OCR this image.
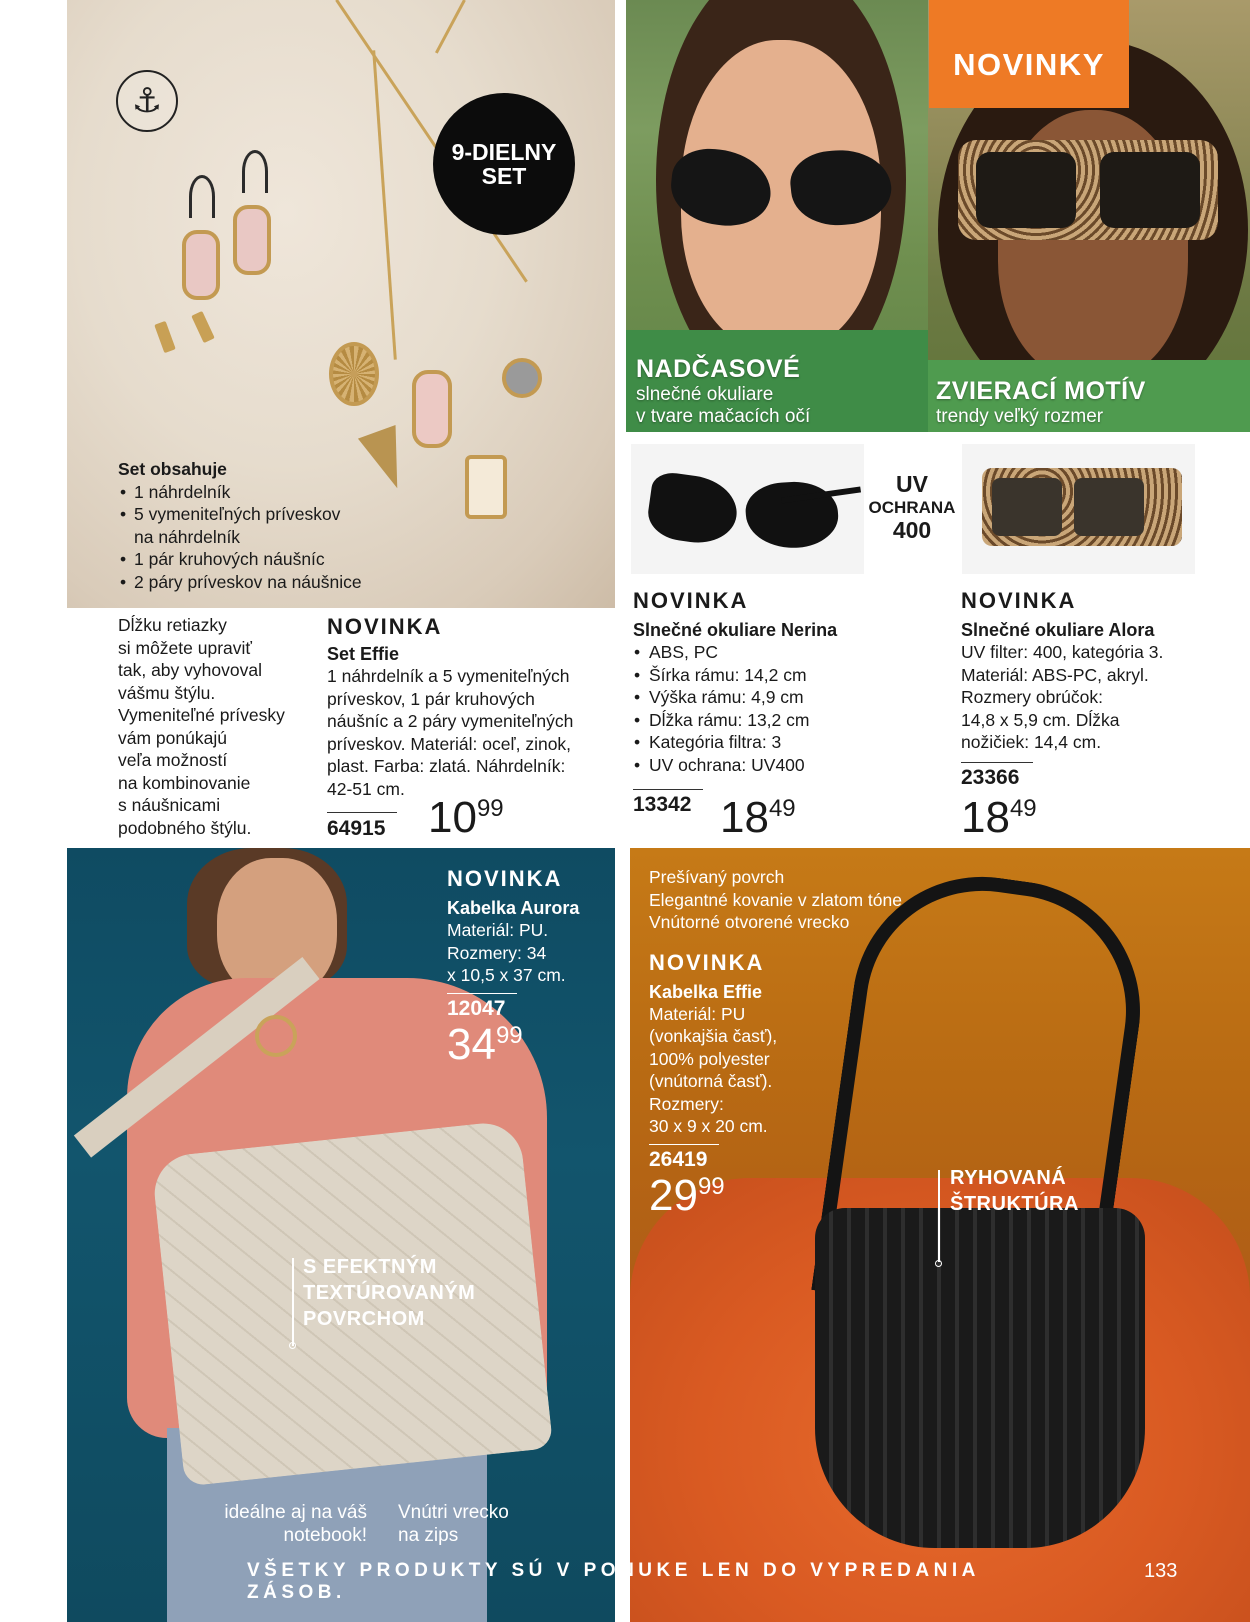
⚓
9-DIELNY
SET
Set obsahuje
• 1 náhrdelník
• 5 vymeniteľných príveskov
na náhrdelník
• 1 pár kruhových náušníc
• 2 páry príveskov na náušnice
Dĺžku retiazky
si môžete upraviť
tak, aby vyhovoval
vášmu štýlu.
Vymeniteľné prívesky
vám ponúkajú
veľa možností
na kombinovanie
s náušnicami
podobného štýlu.
NOVINKA
Set Effie
1 náhrdelník a 5 vymeniteľných
príveskov, 1 pár kruhových
náušníc a 2 páry vymeniteľných
príveskov. Materiál: oceľ, zinok,
plast. Farba: zlatá. Náhrdelník:
42-51 cm.
64915 1099
NOVINKY
NADČASOVÉ
slnečné okuliare
v tvare mačacích očí
ZVIERACÍ MOTÍV
trendy veľký rozmer
UV
OCHRANA
400
NOVINKA
Slnečné okuliare Nerina
• ABS, PC
• Šírka rámu: 14,2 cm
• Výška rámu: 4,9 cm
• Dĺžka rámu: 13,2 cm
• Kategória filtra: 3
• UV ochrana: UV400
13342 1849
NOVINKA
Slnečné okuliare Alora
UV filter: 400, kategória 3.
Materiál: ABS-PC, akryl.
Rozmery obrúčok:
14,8 x 5,9 cm. Dĺžka
nožičiek: 14,4 cm.
23366
1849
NOVINKA
Kabelka Aurora
Materiál: PU.
Rozmery: 34
x 10,5 x 37 cm.
12047
3499
S EFEKTNÝM
TEXTÚROVANÝM
POVRCHOM
ideálne aj na váš
notebook!
Vnútri vrecko
na zips
Prešívaný povrch
Elegantné kovanie v zlatom tóne
Vnútorné otvorené vrecko
NOVINKA
Kabelka Effie
Materiál: PU
(vonkajšia časť),
100% polyester
(vnútorná časť).
Rozmery:
30 x 9 x 20 cm.
26419
2999	RYHOVANÁ
ŠTRUKTÚRA
VŠETKY PRODUKTY SÚ V PONUKE LEN DO VYPREDANIA ZÁSOB.
133
